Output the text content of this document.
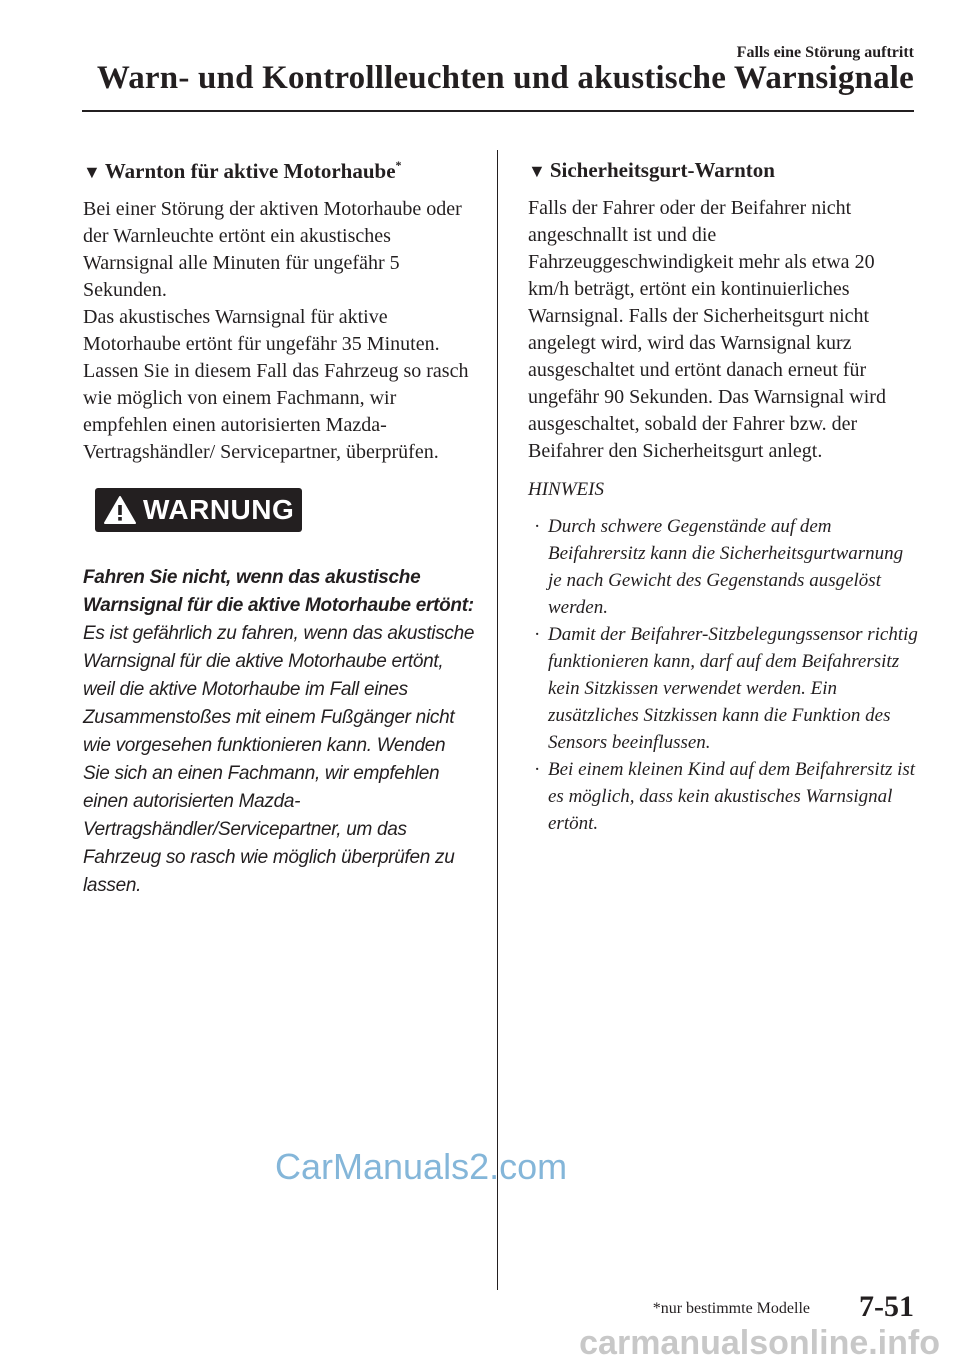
Falls eine Störung auftritt
Warn- und Kontrollleuchten und akustische Warnsignale
▼ Warnton für aktive Motorhaube*

Bei einer Störung der aktiven Motorhaube oder der Warnleuchte ertönt ein akustisches Warnsignal alle Minuten für ungefähr 5 Sekunden.

Das akustisches Warnsignal für aktive Motorhaube ertönt für ungefähr 35 Minuten. Lassen Sie in diesem Fall das Fahrzeug so rasch wie möglich von einem Fachmann, wir empfehlen einen autorisierten Mazda-Vertragshändler/ Servicepartner, überprüfen.

WARNUNG

Fahren Sie nicht, wenn das akustische Warnsignal für die aktive Motorhaube ertönt:

Es ist gefährlich zu fahren, wenn das akustische Warnsignal für die aktive Motorhaube ertönt, weil die aktive Motorhaube im Fall eines Zusammenstoßes mit einem Fußgänger nicht wie vorgesehen funktionieren kann. Wenden Sie sich an einen Fachmann, wir empfehlen einen autorisierten Mazda-Vertragshändler/Servicepartner, um das Fahrzeug so rasch wie möglich überprüfen zu lassen.

▼ Sicherheitsgurt-Warnton

Falls der Fahrer oder der Beifahrer nicht angeschnallt ist und die Fahrzeuggeschwindigkeit mehr als etwa 20 km/h beträgt, ertönt ein kontinuierliches Warnsignal. Falls der Sicherheitsgurt nicht angelegt wird, wird das Warnsignal kurz ausgeschaltet und ertönt danach erneut für ungefähr 90 Sekunden. Das Warnsignal wird ausgeschaltet, sobald der Fahrer bzw. der Beifahrer den Sicherheitsgurt anlegt.

HINWEIS
· Durch schwere Gegenstände auf dem Beifahrersitz kann die Sicherheitsgurtwarnung je nach Gewicht des Gegenstands ausgelöst werden.
· Damit der Beifahrer-Sitzbelegungssensor richtig funktionieren kann, darf auf dem Beifahrersitz kein Sitzkissen verwendet werden. Ein zusätzliches Sitzkissen kann die Funktion des Sensors beeinflussen.
· Bei einem kleinen Kind auf dem Beifahrersitz ist es möglich, dass kein akustisches Warnsignal ertönt.
CarManuals2.com
*nur bestimmte Modelle 7-51
carmanualsonline.info
